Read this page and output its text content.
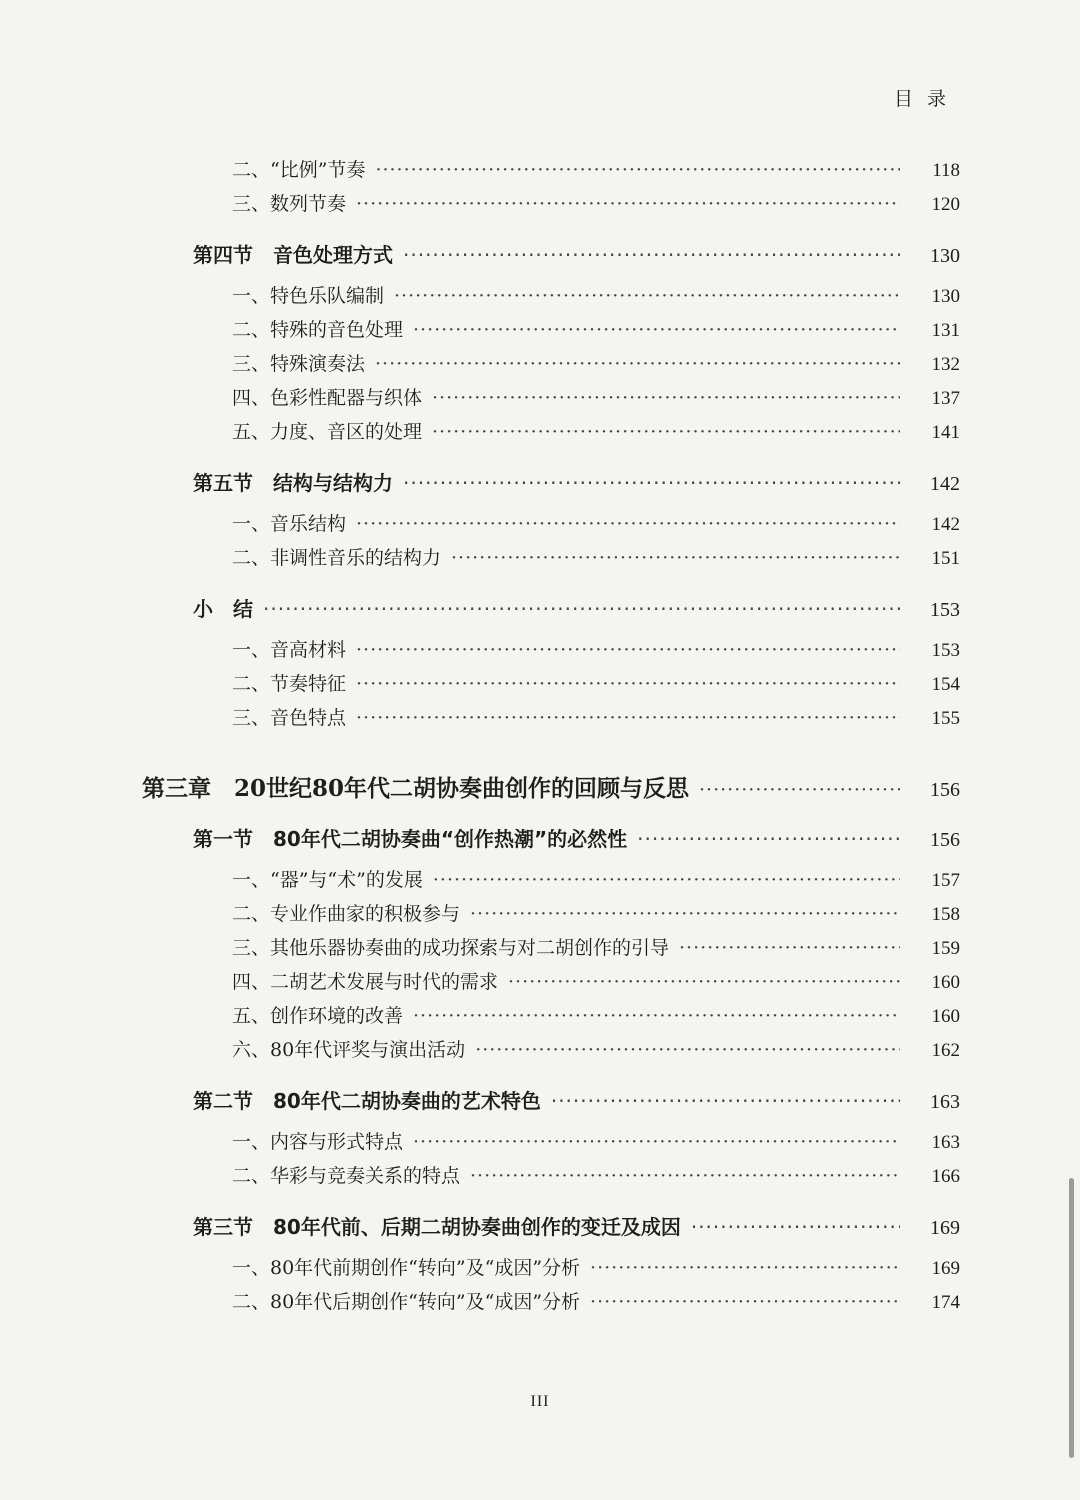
目录
二、“比例”节奏 ·····	118
三、数列节奏 ·····	120
第四节　音色处理方式 ·····	130
一、特色乐队编制 ·····	130
二、特殊的音色处理 ·····	131
三、特殊演奏法 ·····	132
四、色彩性配器与织体 ·····	137
五、力度、音区的处理 ·····	141
第五节　结构与结构力 ·····	142
一、音乐结构 ·····	142
二、非调性音乐的结构力 ·····	151
小　结 ·····	153
一、音高材料 ·····	153
二、节奏特征 ·····	154
三、音色特点 ·····	155
第三章　20世纪80年代二胡协奏曲创作的回顾与反思 ·····	156
第一节　80年代二胡协奏曲“创作热潮”的必然性 ·····	156
一、“器”与“术”的发展 ·····	157
二、专业作曲家的积极参与 ·····	158
三、其他乐器协奏曲的成功探索与对二胡创作的引导 ·····	159
四、二胡艺术发展与时代的需求 ·····	160
五、创作环境的改善 ·····	160
六、80年代评奖与演出活动 ·····	162
第二节　80年代二胡协奏曲的艺术特色 ·····	163
一、内容与形式特点 ·····	163
二、华彩与竞奏关系的特点 ·····	166
第三节　80年代前、后期二胡协奏曲创作的变迁及成因 ·····	169
一、80年代前期创作“转向”及“成因”分析 ·····	169
二、80年代后期创作“转向”及“成因”分析 ·····	174
III
